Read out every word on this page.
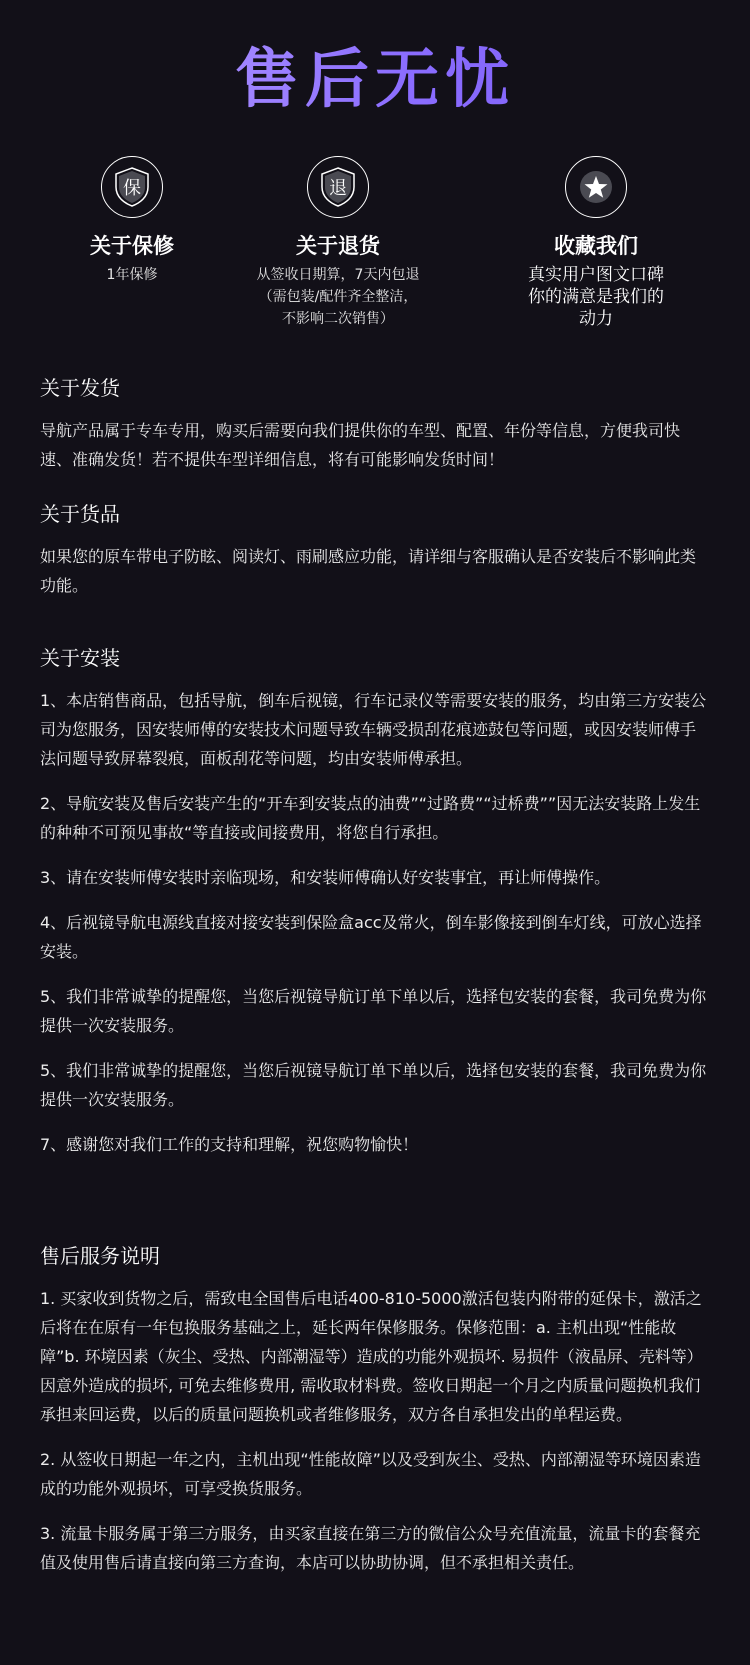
售后无忧
保
关于保修
1年保修
退
关于退货
从签收日期算，7天内包退
（需包装/配件齐全整洁，
不影响二次销售）
收藏我们
真实用户图文口碑
你的满意是我们的
动力
关于发货

导航产品属于专车专用，购买后需要向我们提供你的车型、配置、年份等信息，方便我司快速、准确发货！若不提供车型详细信息，将有可能影响发货时间！

关于货品

如果您的原车带电子防眩、阅读灯、雨刷感应功能，请详细与客服确认是否安装后不影响此类功能。

关于安装

1、本店销售商品，包括导航，倒车后视镜，行车记录仪等需要安装的服务，均由第三方安装公司为您服务，因安装师傅的安装技术问题导致车辆受损刮花痕迹鼓包等问题，或因安装师傅手法问题导致屏幕裂痕，面板刮花等问题，均由安装师傅承担。

2、导航安装及售后安装产生的“开车到安装点的油费”“过路费”“过桥费””因无法安装路上发生的种种不可预见事故“等直接或间接费用，将您自行承担。

3、请在安装师傅安装时亲临现场，和安装师傅确认好安装事宜，再让师傅操作。

4、后视镜导航电源线直接对接安装到保险盒acc及常火，倒车影像接到倒车灯线，可放心选择安装。

5、我们非常诚挚的提醒您，当您后视镜导航订单下单以后，选择包安装的套餐，我司免费为你提供一次安装服务。

5、我们非常诚挚的提醒您，当您后视镜导航订单下单以后，选择包安装的套餐，我司免费为你提供一次安装服务。

7、感谢您对我们工作的支持和理解，祝您购物愉快！

售后服务说明

1. 买家收到货物之后，需致电全国售后电话400-810-5000激活包装内附带的延保卡，激活之后将在在原有一年包换服务基础之上，延长两年保修服务。保修范围：a. 主机出现“性能故障”b. 环境因素（灰尘、受热、内部潮湿等）造成的功能外观损坏. 易损件（液晶屏、壳料等）因意外造成的损坏, 可免去维修费用, 需收取材料费。签收日期起一个月之内质量问题换机我们承担来回运费，以后的质量问题换机或者维修服务，双方各自承担发出的单程运费。

2. 从签收日期起一年之内，主机出现“性能故障”以及受到灰尘、受热、内部潮湿等环境因素造成的功能外观损坏，可享受换货服务。

3. 流量卡服务属于第三方服务，由买家直接在第三方的微信公众号充值流量，流量卡的套餐充值及使用售后请直接向第三方查询，本店可以协助协调，但不承担相关责任。
